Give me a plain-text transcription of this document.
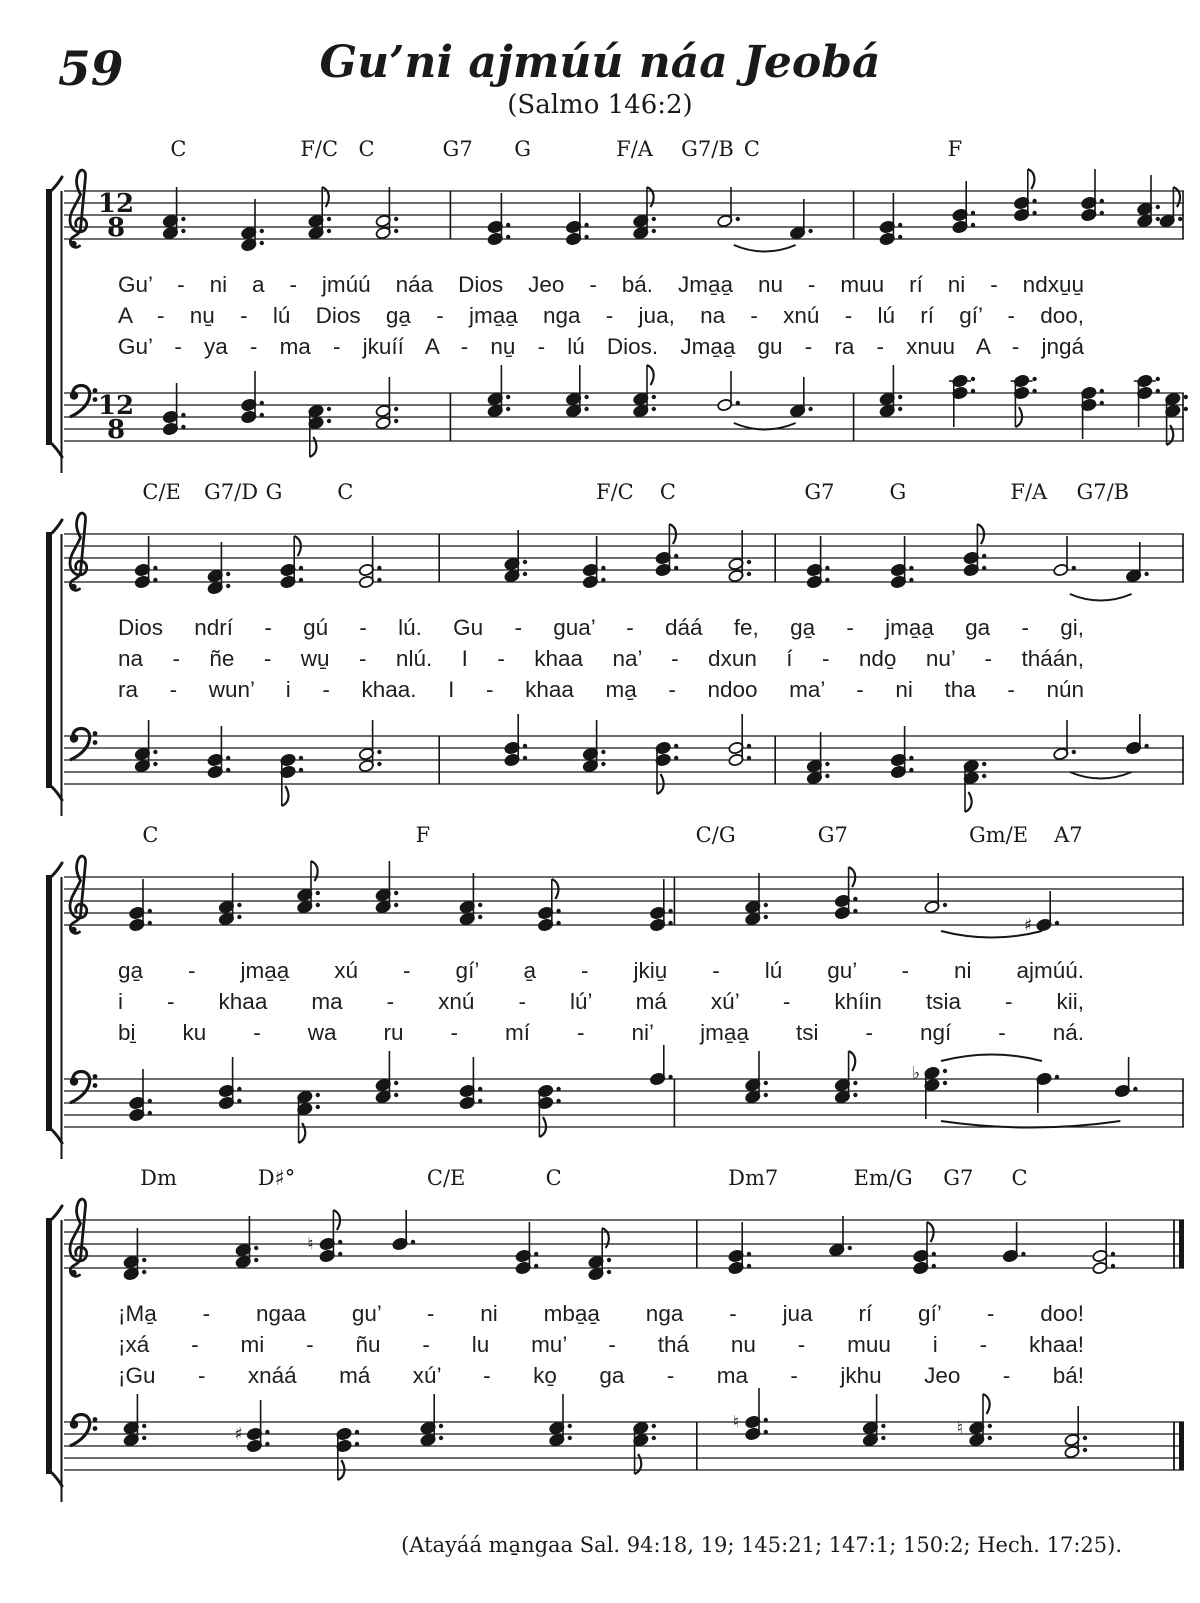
59	Gu’ni ajmúú náa Jeobá
(Salmo 146:2)
C	F/C C	G7 G	F/A G7/B C	F
12
8
Gu’ - ni a - jmúú náa Dios Jeo - bá. Jma̱a̱ nu - muu rí ni - ndxu̱u̱
A - nu̱ - lú Dios ga̱ - jma̱a̱ nga - jua, na - xnú - lú rí gí’ - doo,
Gu’ - ya - ma - jkuíí A - nu̱ - lú Dios. Jma̱a̱ gu - ra - xnuu A - jngá
12
8
C/E G7/D G	C	F/C C	G7	G	F/A G7/B
Dios ndrí - gú - lú. Gu - gua’ - dáá fe, ga̱ - jma̱a̱ ga - gi,
na - ñe - wu̱ - nlú. I - khaa na’ - dxun í - ndo̱ nu’ - tháán,
ra - wun’ i - khaa. I - khaa ma̱ - ndoo ma’ - ni tha - nún
C	F	C/G	G7	Gm/E A7
♯
ga̱ - jma̱a̱ xú - gí’ a̱ - jkiu̱ - lú gu’ - ni ajmúú.
i - khaa ma - xnú - lú’ má xú’ - khíin tsia - kii,
bi̱ ku - wa ru - mí - ni’ jma̱a̱ tsi - ngí - ná.
♭
Dm	D♯°	C/E	C	Dm7	Em/G G7 C
♮
¡Ma̱ - ngaa gu’ - ni mba̱a̱ nga - jua rí gí’ - doo!
¡xá - mi - ñu - lu mu’ - thá nu - muu i - khaa!
¡Gu - xnáá má xú’ - ko̱ ga - ma - jkhu Jeo - bá!
♯
♮	♮
(Atayáá ma̱ngaa Sal. 94:18, 19; 145:21; 147:1; 150:2; Hech. 17:25).
